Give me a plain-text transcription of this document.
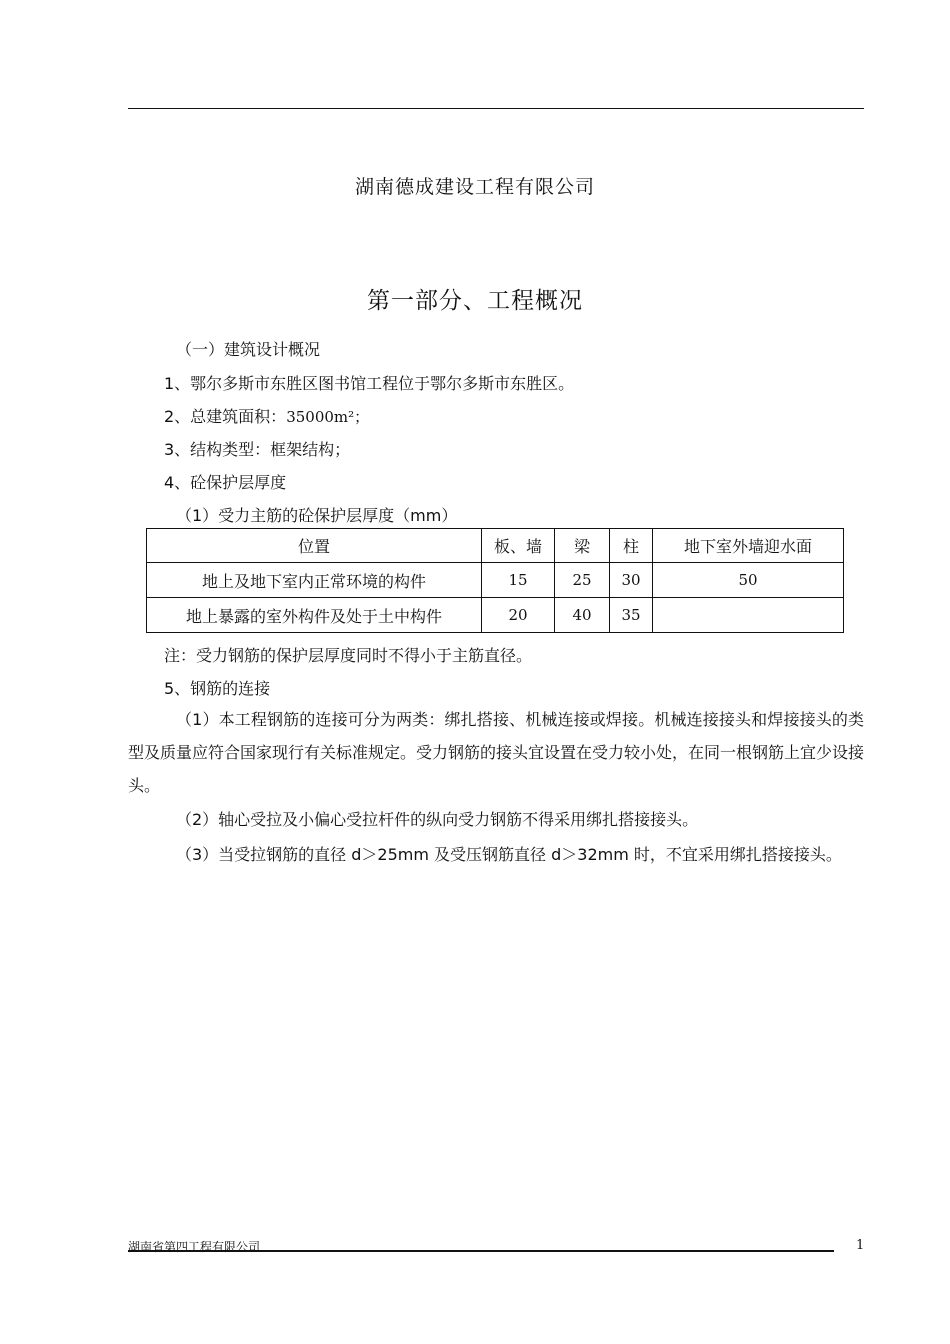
湖南德成建设工程有限公司
第一部分、工程概况
（一）建筑设计概况
1、鄂尔多斯市东胜区图书馆工程位于鄂尔多斯市东胜区。
2、总建筑面积：35000m²；
3、结构类型：框架结构；
4、砼保护层厚度
（1）受力主筋的砼保护层厚度（mm）
位置	板、墙	梁	柱	地下室外墙迎水面
地上及地下室内正常环境的构件	15	25	30	50
地上暴露的室外构件及处于土中构件	20	40	35	
注：受力钢筋的保护层厚度同时不得小于主筋直径。
5、钢筋的连接
（1）本工程钢筋的连接可分为两类：绑扎搭接、机械连接或焊接。机械连接接头和焊接接头的类型及质量应符合国家现行有关标准规定。受力钢筋的接头宜设置在受力较小处，在同一根钢筋上宜少设接头。
（2）轴心受拉及小偏心受拉杆件的纵向受力钢筋不得采用绑扎搭接接头。
（3）当受拉钢筋的直径 d＞25mm 及受压钢筋直径 d＞32mm 时，不宜采用绑扎搭接接头。
湖南省第四工程有限公司	1
